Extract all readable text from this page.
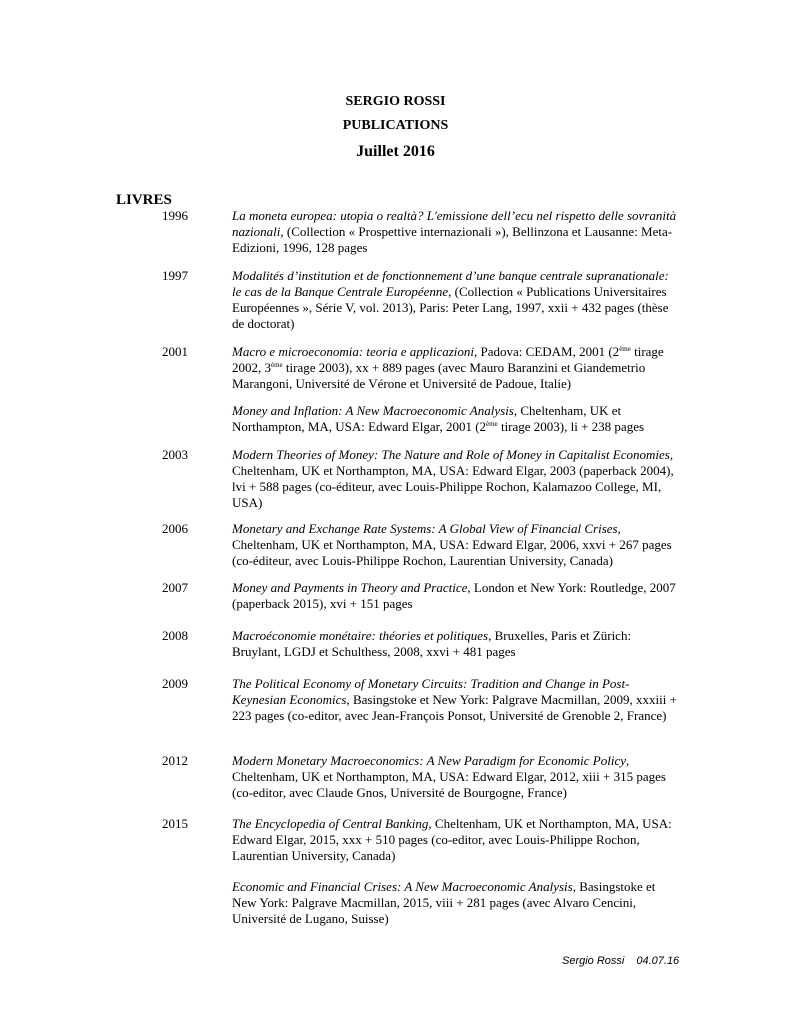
SERGIO ROSSI
PUBLICATIONS
Juillet 2016
LIVRES
1996	La moneta europea: utopia o realtà? L'emissione dell’ecu nel rispetto delle sovranità nazionali, (Collection « Prospettive internazionali »), Bellinzona et Lausanne: Meta-Edizioni, 1996, 128 pages
1997	Modalités d’institution et de fonctionnement d’une banque centrale supranationale: le cas de la Banque Centrale Européenne, (Collection « Publications Universitaires Européennes », Série V, vol. 2013), Paris: Peter Lang, 1997, xxii + 432 pages (thèse de doctorat)
2001	Macro e microeconomia: teoria e applicazioni, Padova: CEDAM, 2001 (2ème tirage 2002, 3ème tirage 2003), xx + 889 pages (avec Mauro Baranzini et Giandemetrio Marangoni, Université de Vérone et Université de Padoue, Italie)
Money and Inflation: A New Macroeconomic Analysis, Cheltenham, UK et Northampton, MA, USA: Edward Elgar, 2001 (2ème tirage 2003), li + 238 pages
2003	Modern Theories of Money: The Nature and Role of Money in Capitalist Economies, Cheltenham, UK et Northampton, MA, USA: Edward Elgar, 2003 (paperback 2004), lvi + 588 pages (co-éditeur, avec Louis-Philippe Rochon, Kalamazoo College, MI, USA)
2006	Monetary and Exchange Rate Systems: A Global View of Financial Crises, Cheltenham, UK et Northampton, MA, USA: Edward Elgar, 2006, xxvi + 267 pages (co-éditeur, avec Louis-Philippe Rochon, Laurentian University, Canada)
2007	Money and Payments in Theory and Practice, London et New York: Routledge, 2007 (paperback 2015), xvi + 151 pages
2008	Macroéconomie monétaire: théories et politiques, Bruxelles, Paris et Zürich: Bruylant, LGDJ et Schulthess, 2008, xxvi + 481 pages
2009	The Political Economy of Monetary Circuits: Tradition and Change in Post-Keynesian Economics, Basingstoke et New York: Palgrave Macmillan, 2009, xxxiii + 223 pages (co-editor, avec Jean-François Ponsot, Université de Grenoble 2, France)
2012	Modern Monetary Macroeconomics: A New Paradigm for Economic Policy, Cheltenham, UK et Northampton, MA, USA: Edward Elgar, 2012, xiii + 315 pages (co-editor, avec Claude Gnos, Université de Bourgogne, France)
2015	The Encyclopedia of Central Banking, Cheltenham, UK et Northampton, MA, USA: Edward Elgar, 2015, xxx + 510 pages (co-editor, avec Louis-Philippe Rochon, Laurentian University, Canada)
Economic and Financial Crises: A New Macroeconomic Analysis, Basingstoke et New York: Palgrave Macmillan, 2015, viii + 281 pages (avec Alvaro Cencini, Université de Lugano, Suisse)
Sergio Rossi 04.07.16
